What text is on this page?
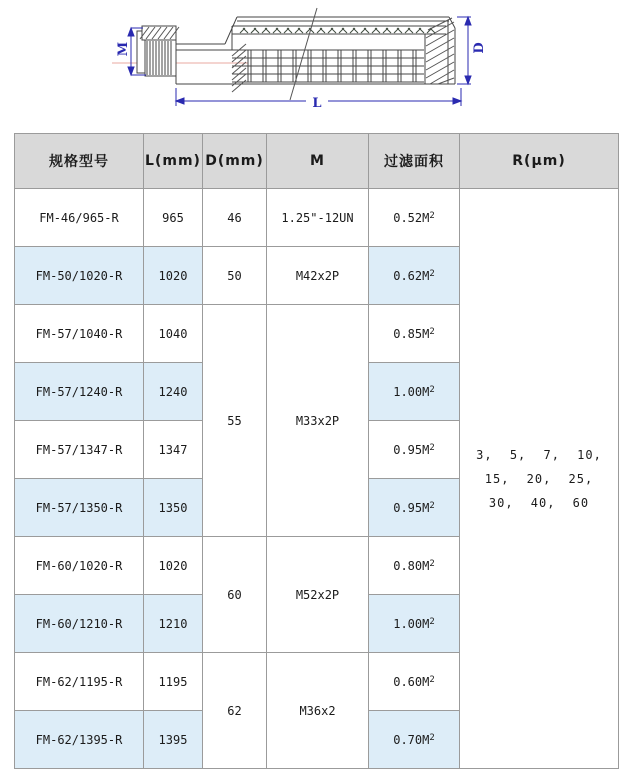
M	D
L
规格型号	L(mm)	D(mm)	M	过滤面积	R(μm)
FM-46/965-R	965	46	1.25"-12UN	$0.52M^2$	3, 5, 7, 10,
15, 20, 25,
30, 40, 60

FM-50/1020-R	1020	50	M42x2P	$0.62M^2$
FM-57/1040-R	1040	55	M33x2P	$0.85M^2$
FM-57/1240-R	1240			$1.00M^2$
FM-57/1347-R	1347			$0.95M^2$
FM-57/1350-R	1350			$0.95M^2$
FM-60/1020-R	1020	60	M52x2P	$0.80M^2$
FM-60/1210-R	1210			$1.00M^2$
FM-62/1195-R	1195	62	M36x2	$0.60M^2$
FM-62/1395-R	1395			$0.70M^2$
